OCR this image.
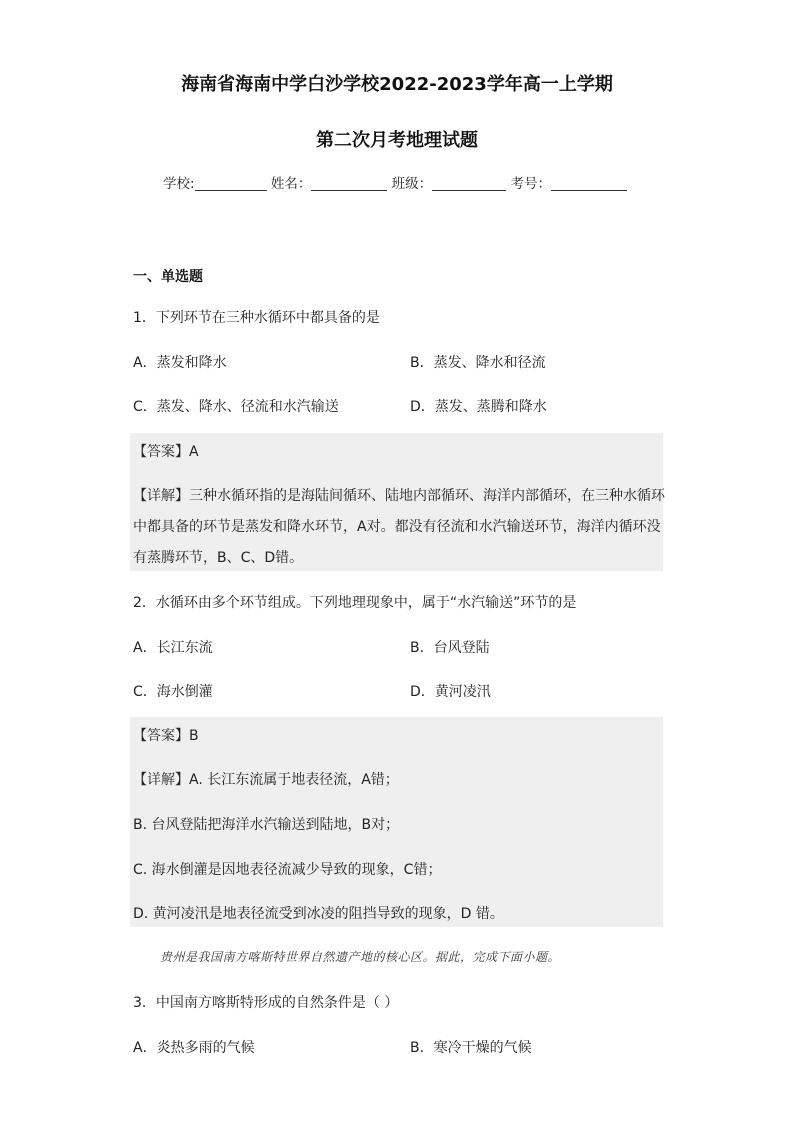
海南省海南中学白沙学校2022-2023学年高一上学期
第二次月考地理试题
学校:	姓名：	班级：	考号：
一、单选题
1．下列环节在三种水循环中都具备的是
A．蒸发和降水	B．蒸发、降水和径流
C．蒸发、降水、径流和水汽输送	D．蒸发、蒸腾和降水
【答案】A
【详解】三种水循环指的是海陆间循环、陆地内部循环、海洋内部循环，在三种水循环
中都具备的环节是蒸发和降水环节，A对。都没有径流和水汽输送环节，海洋内循环没
有蒸腾环节，B、C、D错。
2．水循环由多个环节组成。下列地理现象中，属于“水汽输送”环节的是
A．长江东流	B．台风登陆
C．海水倒灌	D．黄河凌汛
【答案】B
【详解】A. 长江东流属于地表径流，A错；
B. 台风登陆把海洋水汽输送到陆地，B对；
C. 海水倒灌是因地表径流减少导致的现象，C错；
D. 黄河凌汛是地表径流受到冰凌的阻挡导致的现象，D 错。
贵州是我国南方喀斯特世界自然遗产地的核心区。据此，完成下面小题。
3．中国南方喀斯特形成的自然条件是（ ）
A．炎热多雨的气候	B．寒冷干燥的气候
